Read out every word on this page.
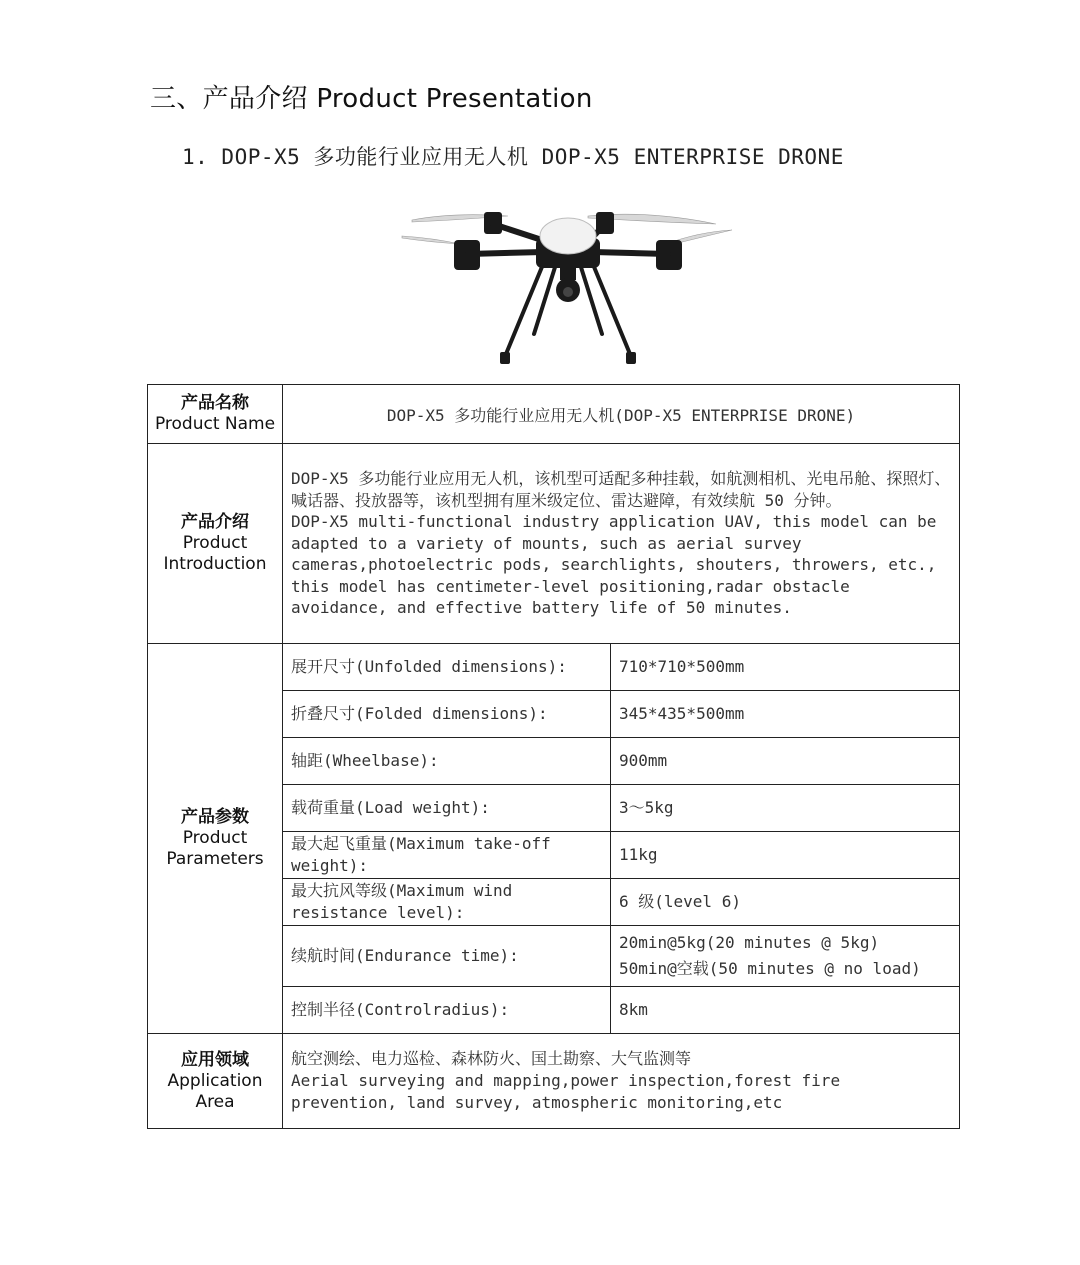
三、产品介绍 Product Presentation
1. DOP-X5 多功能行业应用无人机 DOP-X5 ENTERPRISE DRONE
产品名称
Product Name	DOP-X5 多功能行业应用无人机(DOP-X5 ENTERPRISE DRONE)	

产品介绍
Product Introduction	DOP-X5 多功能行业应用无人机，该机型可适配多种挂载，如航测相机、光电吊舱、探照灯、喊话器、投放器等，该机型拥有厘米级定位、雷达避障，有效续航 50 分钟。
DOP-X5 multi-functional industry application UAV, this model can be adapted to a variety of mounts, such as aerial survey cameras,photoelectric pods, searchlights, shouters, throwers, etc., this model has centimeter-level positioning,radar obstacle avoidance, and effective battery life of 50 minutes.	

产品参数
Product Parameters	展开尺寸(Unfolded dimensions):	710*710*500mm
	折叠尺寸(Folded dimensions):	345*435*500mm
	轴距(Wheelbase):	900mm
	载荷重量(Load weight):	3～5kg
	最大起飞重量(Maximum take-off weight):	11kg
	最大抗风等级(Maximum wind resistance level):	6 级(level 6)
	续航时间(Endurance time):	20min@5kg(20 minutes @ 5kg)
50min@空载(50 minutes @ no load)

	控制半径(Controlradius):	8km

应用领域
Application Area	航空测绘、电力巡检、森林防火、国土勘察、大气监测等
Aerial surveying and mapping,power inspection,forest fire prevention, land survey, atmospheric monitoring,etc	
